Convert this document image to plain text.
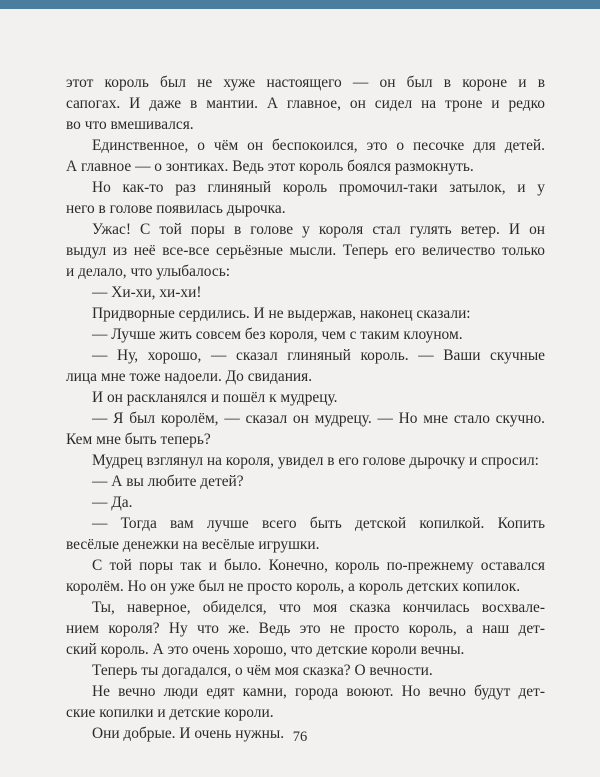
этот король был не хуже настоящего — он был в короне и в
сапогах. И даже в мантии. А главное, он сидел на троне и редко
во что вмешивался.
Единственное, о чём он беспокоился, это о песочке для детей.
А главное — о зонтиках. Ведь этот король боялся размокнуть.
Но как-то раз глиняный король промочил-таки затылок, и у
него в голове появилась дырочка.
Ужас! С той поры в голове у короля стал гулять ветер. И он
выдул из неё все-все серьёзные мысли. Теперь его величество только
и делало, что улыбалось:
— Хи-хи, хи-хи!
Придворные сердились. И не выдержав, наконец сказали:
— Лучше жить совсем без короля, чем с таким клоуном.
— Ну, хорошо, — сказал глиняный король. — Ваши скучные
лица мне тоже надоели. До свидания.
И он раскланялся и пошёл к мудрецу.
— Я был королём, — сказал он мудрецу. — Но мне стало скучно.
Кем мне быть теперь?
Мудрец взглянул на короля, увидел в его голове дырочку и спросил:
— А вы любите детей?
— Да.
— Тогда вам лучше всего быть детской копилкой. Копить
весёлые денежки на весёлые игрушки.
С той поры так и было. Конечно, король по-прежнему оставался
королём. Но он уже был не просто король, а король детских копилок.
Ты, наверное, обиделся, что моя сказка кончилась восхвале-
нием короля? Ну что же. Ведь это не просто король, а наш дет-
ский король. А это очень хорошо, что детские короли вечны.
Теперь ты догадался, о чём моя сказка? О вечности.
Не вечно люди едят камни, города воюют. Но вечно будут дет-
ские копилки и детские короли.
Они добрые. И очень нужны. 76
